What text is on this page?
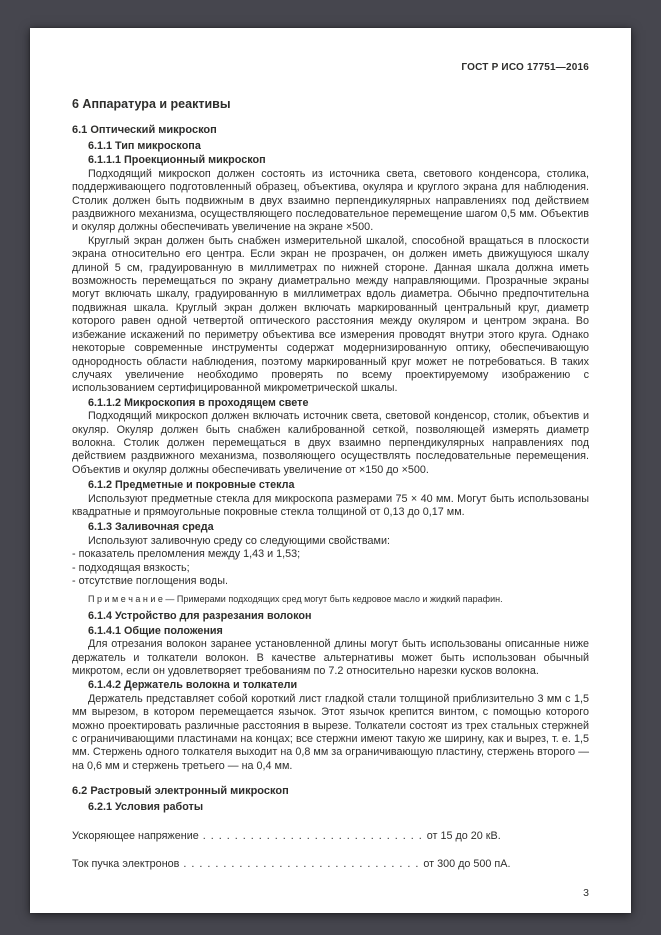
ГОСТ Р ИСО 17751—2016
6 Аппаратура и реактивы
6.1 Оптический микроскоп
6.1.1 Тип микроскопа
6.1.1.1 Проекционный микроскоп

Подходящий микроскоп должен состоять из источника света, светового конденсора, столика, поддерживающего подготовленный образец, объектива, окуляра и круглого экрана для наблюдения. Столик должен быть подвижным в двух взаимно перпендикулярных направлениях под действием раздвижного механизма, осуществляющего последовательное перемещение шагом 0,5 мм. Объектив и окуляр должны обеспечивать увеличение на экране ×500.

Круглый экран должен быть снабжен измерительной шкалой, способной вращаться в плоскости экрана относительно его центра. Если экран не прозрачен, он должен иметь движущуюся шкалу длиной 5 см, градуированную в миллиметрах по нижней стороне. Данная шкала должна иметь возможность перемещаться по экрану диаметрально между направляющими. Прозрачные экраны могут включать шкалу, градуированную в миллиметрах вдоль диаметра. Обычно предпочтительна подвижная шкала. Круглый экран должен включать маркированный центральный круг, диаметр которого равен одной четвертой оптического расстояния между окуляром и центром экрана. Во избежание искажений по периметру объектива все измерения проводят внутри этого круга. Однако некоторые современные инструменты содержат модернизированную оптику, обеспечивающую однородность области наблюдения, поэтому маркированный круг может не потребоваться. В таких случаях увеличение необходимо проверять по всему проектируемому изображению с использованием сертифицированной микрометрической шкалы.

6.1.1.2 Микроскопия в проходящем свете

Подходящий микроскоп должен включать источник света, световой конденсор, столик, объектив и окуляр. Окуляр должен быть снабжен калиброванной сеткой, позволяющей измерять диаметр волокна. Столик должен перемещаться в двух взаимно перпендикулярных направлениях под действием раздвижного механизма, позволяющего осуществлять последовательные перемещения. Объектив и окуляр должны обеспечивать увеличение от ×150 до ×500.

6.1.2 Предметные и покровные стекла

Используют предметные стекла для микроскопа размерами 75 × 40 мм. Могут быть использованы квадратные и прямоугольные покровные стекла толщиной от 0,13 до 0,17 мм.

6.1.3 Заливочная среда

Используют заливочную среду со следующими свойствами:

- показатель преломления между 1,43 и 1,53;

- подходящая вязкость;

- отсутствие поглощения воды.

П р и м е ч а н и е — Примерами подходящих сред могут быть кедровое масло и жидкий парафин.

6.1.4 Устройство для разрезания волокон
6.1.4.1 Общие положения

Для отрезания волокон заранее установленной длины могут быть использованы описанные ниже держатель и толкатели волокон. В качестве альтернативы может быть использован обычный микротом, если он удовлетворяет требованиям по 7.2 относительно нарезки кусков волокна.

6.1.4.2 Держатель волокна и толкатели

Держатель представляет собой короткий лист гладкой стали толщиной приблизительно 3 мм с 1,5 мм вырезом, в котором перемещается язычок. Этот язычок крепится винтом, с помощью которого можно проектировать различные расстояния в вырезе. Толкатели состоят из трех стальных стержней с ограничивающими пластинами на концах; все стержни имеют такую же ширину, как и вырез, т. е. 1,5 мм. Стержень одного толкателя выходит на 0,8 мм за ограничивающую пластину, стержень второго — на 0,6 мм и стержень третьего — на 0,4 мм.

6.2 Растровый электронный микроскоп
6.2.1 Условия работы
Ускоряющее напряжение . . . . . . . . . . . . . . . . . . . . . . . . . . . . от 15 до 20 кВ.
Ток пучка электронов . . . . . . . . . . . . . . . . . . . . . . . . . . . . . . от 300 до 500 пА.
3
